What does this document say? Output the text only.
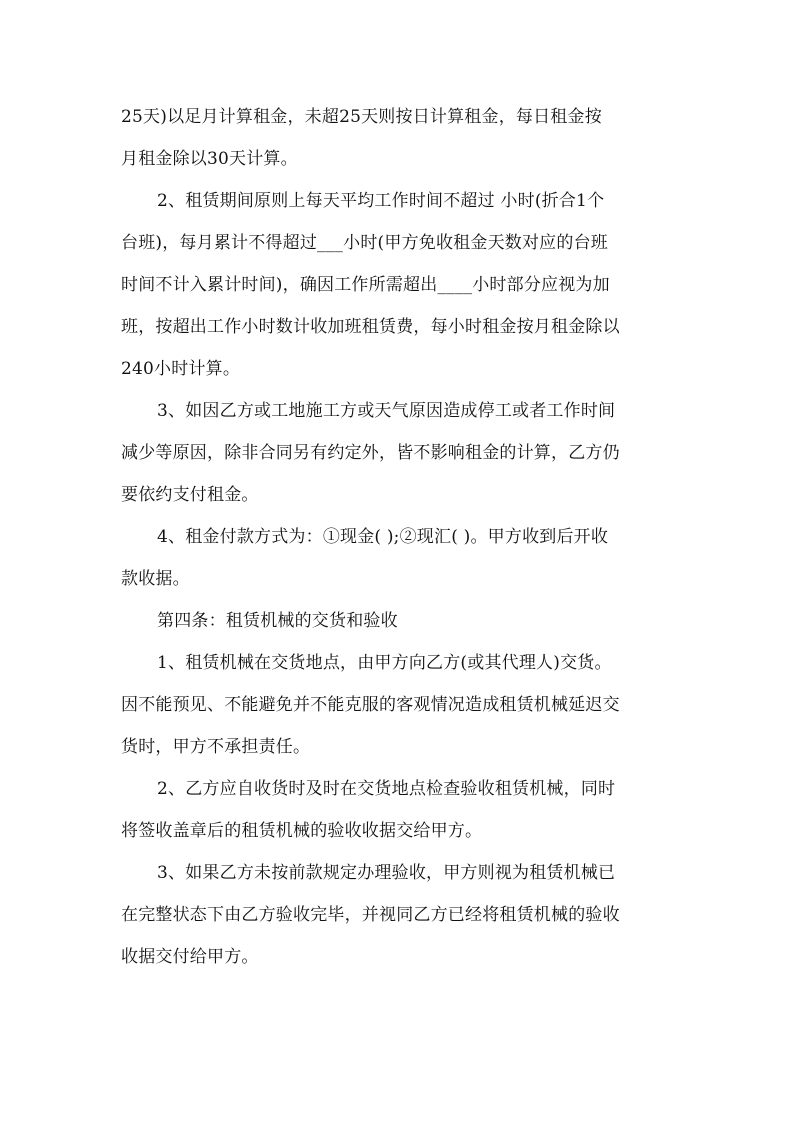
25天)以足月计算租金，未超25天则按日计算租金，每日租金按
月租金除以30天计算。
2、租赁期间原则上每天平均工作时间不超过 小时(折合1个
台班)，每月累计不得超过___小时(甲方免收租金天数对应的台班
时间不计入累计时间)，确因工作所需超出____小时部分应视为加
班，按超出工作小时数计收加班租赁费，每小时租金按月租金除以
240小时计算。
3、如因乙方或工地施工方或天气原因造成停工或者工作时间
减少等原因，除非合同另有约定外，皆不影响租金的计算，乙方仍
要依约支付租金。
4、租金付款方式为：①现金( );②现汇( )。甲方收到后开收
款收据。
第四条：租赁机械的交货和验收
1、租赁机械在交货地点，由甲方向乙方(或其代理人)交货。
因不能预见、不能避免并不能克服的客观情况造成租赁机械延迟交
货时，甲方不承担责任。
2、乙方应自收货时及时在交货地点检查验收租赁机械，同时
将签收盖章后的租赁机械的验收收据交给甲方。
3、如果乙方未按前款规定办理验收，甲方则视为租赁机械已
在完整状态下由乙方验收完毕，并视同乙方已经将租赁机械的验收
收据交付给甲方。
